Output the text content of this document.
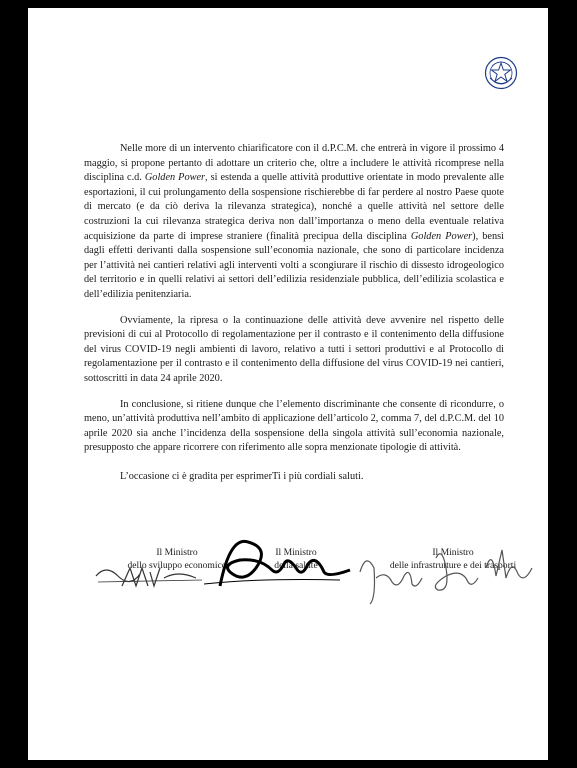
Nelle more di un intervento chiarificatore con il d.P.C.M. che entrerà in vigore il prossimo 4 maggio, si propone pertanto di adottare un criterio che, oltre a includere le attività ricomprese nella disciplina c.d. Golden Power, si estenda a quelle attività produttive orientate in modo prevalente alle esportazioni, il cui prolungamento della sospensione rischierebbe di far perdere al nostro Paese quote di mercato (e da ciò deriva la rilevanza strategica), nonché a quelle attività nel settore delle costruzioni la cui rilevanza strategica deriva non dall’importanza o meno della eventuale relativa acquisizione da parte di imprese straniere (finalità precipua della disciplina Golden Power), bensì dagli effetti derivanti dalla sospensione sull’economia nazionale, che sono di particolare incidenza per l’attività nei cantieri relativi agli interventi volti a scongiurare il rischio di dissesto idrogeologico del territorio e in quelli relativi ai settori dell’edilizia residenziale pubblica, dell’edilizia scolastica e dell’edilizia penitenziaria.

Ovviamente, la ripresa o la continuazione delle attività deve avvenire nel rispetto delle previsioni di cui al Protocollo di regolamentazione per il contrasto e il contenimento della diffusione del virus COVID-19 negli ambienti di lavoro, relativo a tutti i settori produttivi e al Protocollo di regolamentazione per il contrasto e il contenimento della diffusione del virus COVID-19 nei cantieri, sottoscritti in data 24 aprile 2020.

In conclusione, si ritiene dunque che l’elemento discriminante che consente di ricondurre, o meno, un’attività produttiva nell’ambito di applicazione dell’articolo 2, comma 7, del d.P.C.M. del 10 aprile 2020 sia anche l’incidenza della sospensione della singola attività sull’economia nazionale, presupposto che appare ricorrere con riferimento alle sopra menzionate tipologie di attività.

L’occasione ci è gradita per esprimerTi i più cordiali saluti.

Il Ministro
dello sviluppo economico
Il Ministro
della salute
Il Ministro
delle infrastrutture e dei trasporti
